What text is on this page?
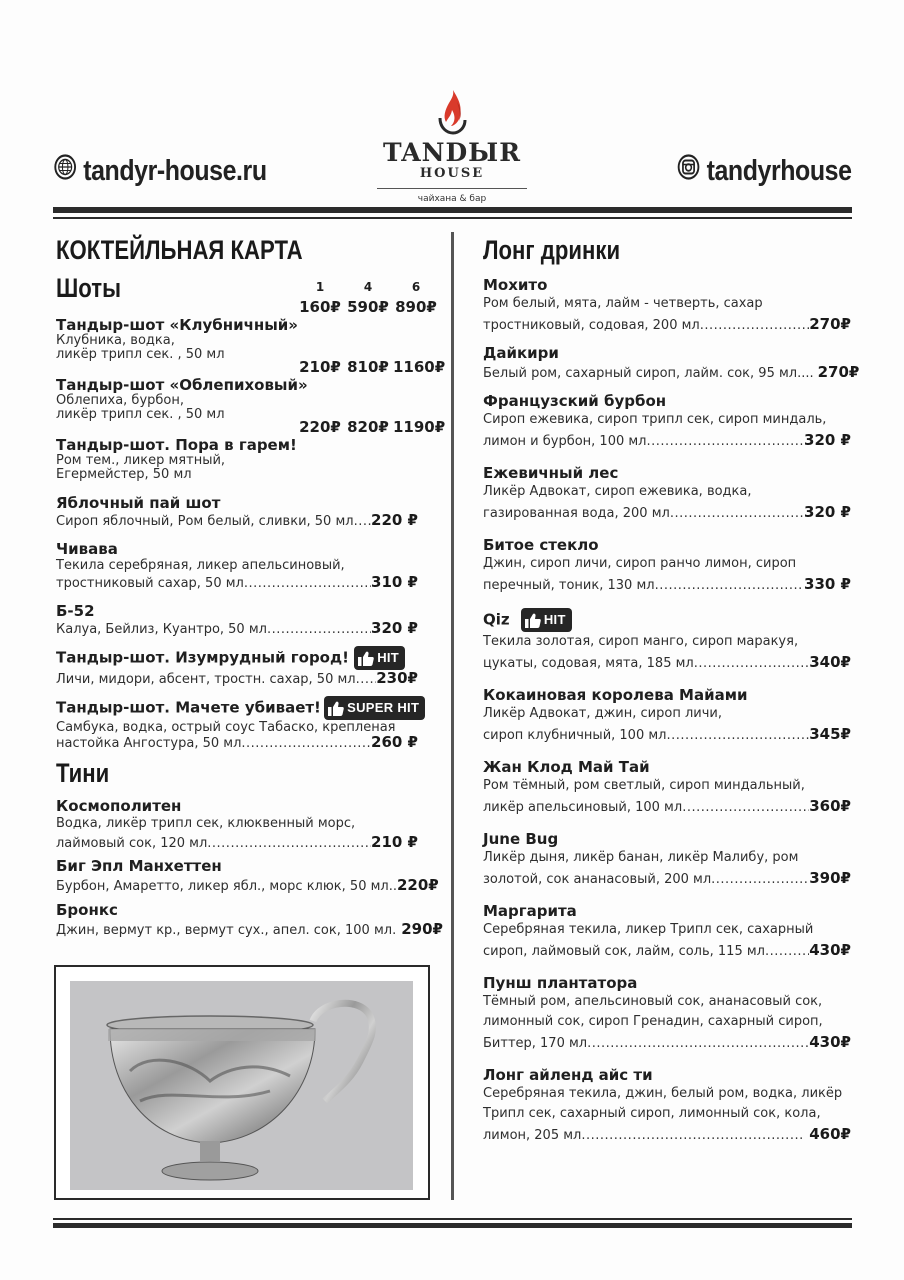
tandyr-house.ru
TANDЫR
HOUSE
чайхана & бар
tandyrhouse
КОКТЕЙЛЬНАЯ КАРТА
Шоты	1	4	6
Тандыр-шот «Клубничный»
160₽ 590₽ 890₽
Клубника, водка,
ликёр трипл сек. , 50 мл
Тандыр-шот «Облепиховый»
210₽ 810₽ 1160₽
Облепиха, бурбон,
ликёр трипл сек. , 50 мл
Тандыр-шот. Пора в гарем!
220₽ 820₽ 1190₽
Ром тем., ликер мятный,
Егермейстер, 50 мл
Яблочный пай шот
Сироп яблочный, Ром белый, сливки, 50 мл ..... 220 ₽
Чивава
Текила серебряная, ликер апельсиновый,
тростниковый сахар, 50 мл .....	310 ₽
Б-52
Калуа, Бейлиз, Куантро, 50 мл .....	320 ₽
Тандыр-шот. Изумрудный город! HIT
Личи, мидори, абсент, тростн. сахар, 50 мл ..... 230₽
Тандыр-шот. Мачете убивает! SUPER HIT
Самбука, водка, острый соус Табаско, крепленая
настойка Ангостура, 50 мл .....	260 ₽
Тини
Космополитен
Водка, ликёр трипл сек, клюквенный морс,
лаймовый сок, 120 мл .....	210 ₽
Биг Эпл Манхеттен
Бурбон, Амаретто, ликер ябл., морс клюк, 50 мл.. 220₽
Бронкс
Джин, вермут кр., вермут сух., апел. сок, 100 мл. 290₽
Лонг дринки
Мохито
Ром белый, мята, лайм - четверть, сахар
тростниковый, содовая, 200 мл .....	270₽
Дайкири
Белый ром, сахарный сироп, лайм. сок, 95 мл.... 270₽
Французский бурбон
Сироп ежевика, сироп трипл сек, сироп миндаль,
лимон и бурбон, 100 мл .....	320 ₽
Ежевичный лес
Ликёр Адвокат, сироп ежевика, водка,
газированная вода, 200 мл .....	320 ₽
Битое стекло
Джин, сироп личи, сироп ранчо лимон, сироп
перечный, тоник, 130 мл .....	330 ₽
Qiz	HIT
Текила золотая, сироп манго, сироп маракуя,
цукаты, содовая, мята, 185 мл .....	340₽
Кокаиновая королева Майами
Ликёр Адвокат, джин, сироп личи,
сироп клубничный, 100 мл .....	345₽
Жан Клод Май Тай
Ром тёмный, ром светлый, сироп миндальный,
ликёр апельсиновый, 100 мл .....	360₽
June Bug
Ликёр дыня, ликёр банан, ликёр Малибу, ром
золотой, сок ананасовый, 200 мл .....	390₽
Маргарита
Серебряная текила, ликер Трипл сек, сахарный
сироп, лаймовый сок, лайм, соль, 115 мл .....	430₽
Пунш плантатора
Тёмный ром, апельсиновый сок, ананасовый сок,
лимонный сок, сироп Гренадин, сахарный сироп,
Биттер, 170 мл .....	430₽
Лонг айленд айс ти
Серебряная текила, джин, белый ром, водка, ликёр
Трипл сек, сахарный сироп, лимонный сок, кола,
лимон, 205 мл .....	460₽
